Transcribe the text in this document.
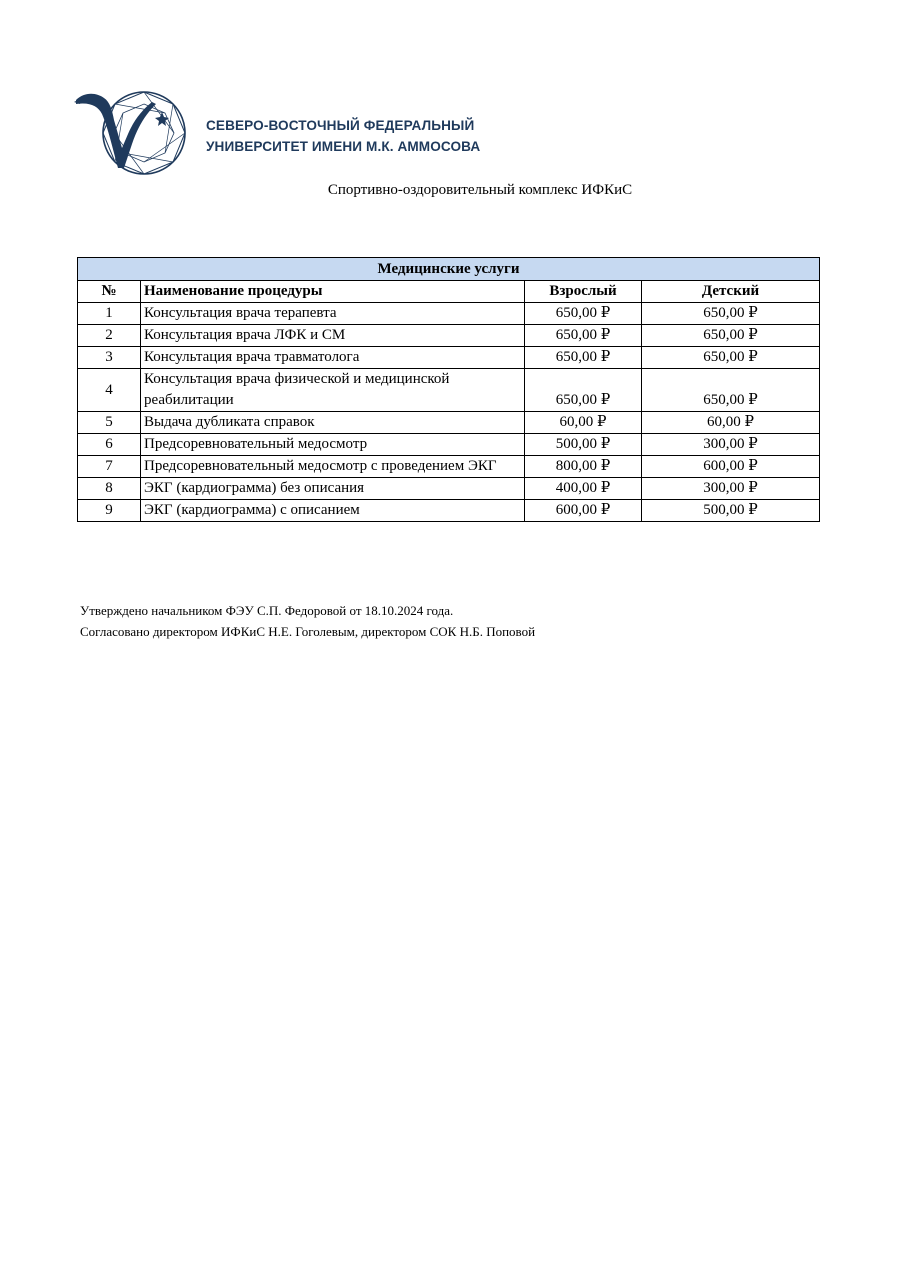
СЕВЕРО-ВОСТОЧНЫЙ ФЕДЕРАЛЬНЫЙ
УНИВЕРСИТЕТ ИМЕНИ М.К. АММОСОВА
Спортивно-оздоровительный комплекс ИФКиС
Медицинские услуги			
№	Наименование процедуры	Взрослый	Детский
1	Консультация врача терапевта	650,00 ₽	650,00 ₽
2	Консультация врача ЛФК и СМ	650,00 ₽	650,00 ₽
3	Консультация врача травматолога	650,00 ₽	650,00 ₽
4	Консультация врача физической и медицинской реабилитации	650,00 ₽	650,00 ₽
5	Выдача дубликата справок	60,00 ₽	60,00 ₽
6	Предсоревновательный медосмотр	500,00 ₽	300,00 ₽
7	Предсоревновательный медосмотр с проведением ЭКГ	800,00 ₽	600,00 ₽
8	ЭКГ (кардиограмма) без описания	400,00 ₽	300,00 ₽
9	ЭКГ (кардиограмма) с описанием	600,00 ₽	500,00 ₽
Утверждено начальником ФЭУ С.П. Федоровой от 18.10.2024 года.
Согласовано директором ИФКиС Н.Е. Гоголевым, директором СОК Н.Б. Поповой
